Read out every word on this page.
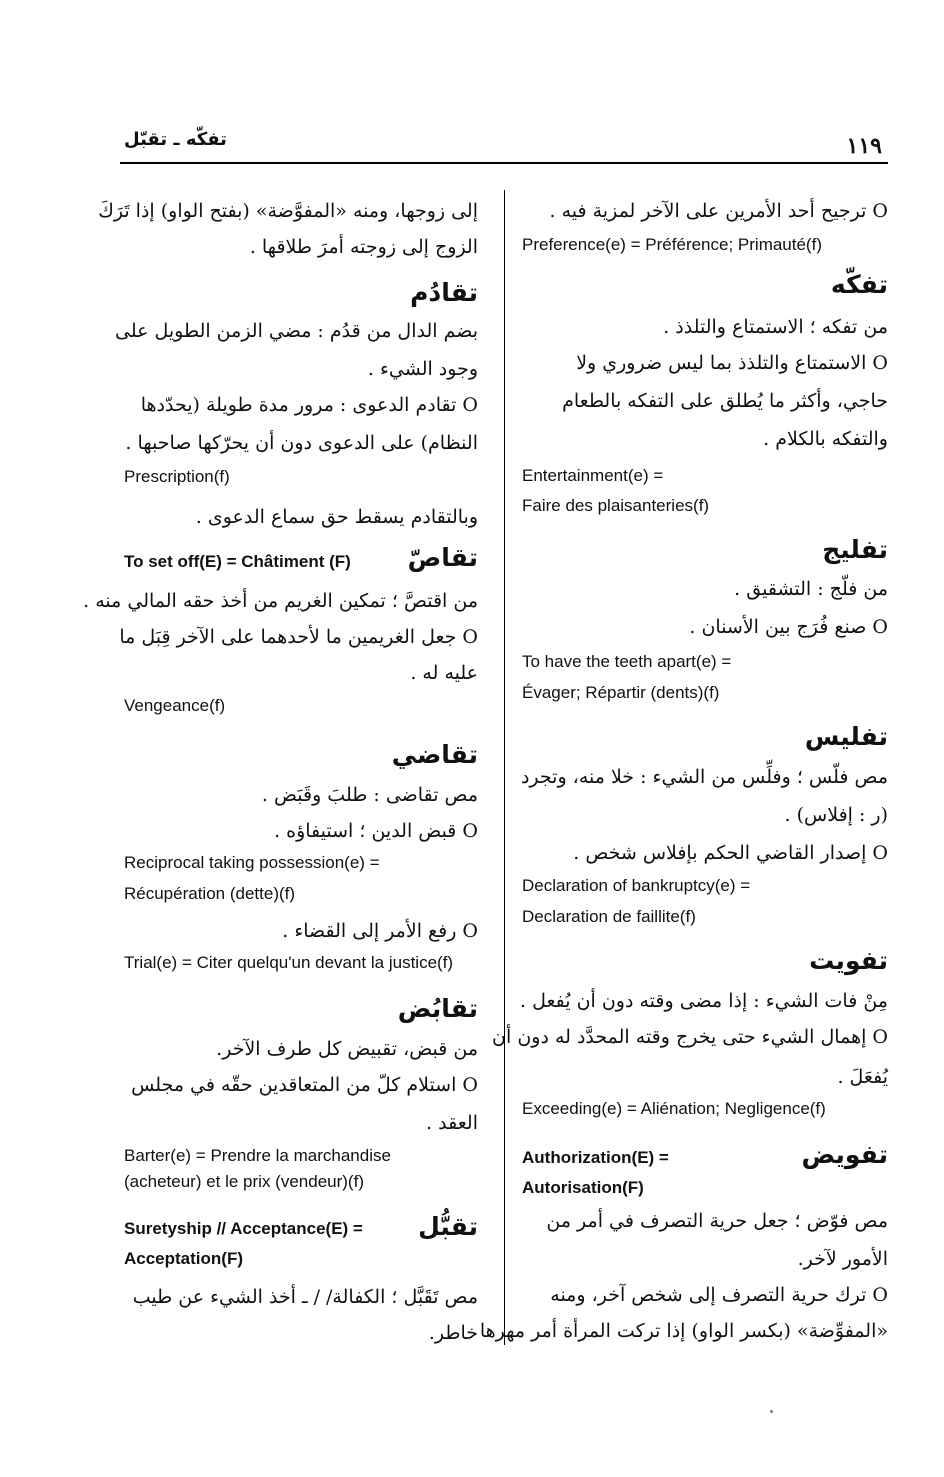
١١٩
تفكّه ـ تقبّل
O ترجيح أحد الأمرين على الآخر لمزية فيه .
Preference(e) = Préférence; Primauté(f)
تفكّه
من تفكه ؛ الاستمتاع والتلذذ .
O الاستمتاع والتلذذ بما ليس ضروري ولا
حاجي، وأكثر ما يُطلق على التفكه بالطعام
والتفكه بالكلام .
Entertainment(e) =
Faire des plaisanteries(f)
تفليج
من فلّج : التشقيق .
O صنع فُرَج بين الأسنان .
To have the teeth apart(e) =
Évager; Répartir (dents)(f)
تفليس
مص فلّس ؛ وفلِّس من الشيء : خلا منه، وتجرد
(ر : إفلاس) .
O إصدار القاضي الحكم بإفلاس شخص .
Declaration of bankruptcy(e) =
Declaration de faillite(f)
تفويت
مِنْ فات الشيء : إذا مضى وقته دون أن يُفعل .
O إهمال الشيء حتى يخرج وقته المحدَّد له دون أن
يُفعَلَ .
Exceeding(e) = Aliénation; Negligence(f)
تفويض
Authorization(E) =
Autorisation(F)
مص فوّض ؛ جعل حرية التصرف في أمر من
الأمور لآخر.
O ترك حرية التصرف إلى شخص آخر، ومنه
«المفوِّضة» (بكسر الواو) إذا تركت المرأة أمر مهرها
إلى زوجها، ومنه «المفوَّضة» (بفتح الواو) إذا تَرَكَ
الزوج إلى زوجته أمرَ طلاقها .
تقادُم
بضم الدال من قدُم : مضي الزمن الطويل على
وجود الشيء .
O تقادم الدعوى : مرور مدة طويلة (يحدّدها
النظام) على الدعوى دون أن يحرّكها صاحبها .
Prescription(f)
وبالتقادم يسقط حق سماع الدعوى .
تقاصّ
To set off(E) = Châtiment (F)
من اقتصَّ ؛ تمكين الغريم من أخذ حقه المالي منه .
O جعل الغريمين ما لأحدهما على الآخر قِبَل ما
عليه له .
Vengeance(f)
تقاضي
مص تقاضى : طلبَ وقَبَض .
O قبض الدين ؛ استيفاؤه .
Reciprocal taking possession(e) =
Récupération (dette)(f)
O رفع الأمر إلى القضاء .
Trial(e) = Citer quelqu'un devant la justice(f)
تقابُض
من قبض، تقبيض كل طرف الآخر.
O استلام كلّ من المتعاقدين حقّه في مجلس
العقد .
Barter(e) = Prendre la marchandise
(acheteur) et le prix (vendeur)(f)
تقبُّل
Suretyship // Acceptance(E) =
Acceptation(F)
مص تَقَبَّل ؛ الكفالة/ / ـ أخذ الشيء عن طيب
خاطر.
